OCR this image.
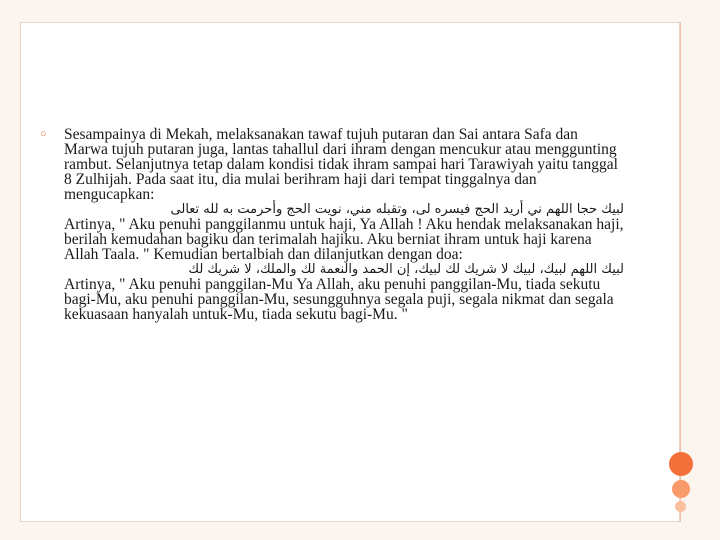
○ Sesampainya di Mekah, melaksanakan tawaf tujuh putaran dan Sai antara Safa dan Marwa tujuh putaran juga, lantas tahallul dari ihram dengan mencukur atau menggunting rambut. Selanjutnya tetap dalam kondisi tidak ihram sampai hari Tarawiyah yaitu tanggal 8 Zulhijah. Pada saat itu, dia mulai berihram haji dari tempat tinggalnya dan mengucapkan:

لبيك حجا اللهم ني أريد الحج فيسره لى، وتقبله مني، نويت الحج وأحرمت به لله تعالى

Artinya, " Aku penuhi panggilanmu untuk haji, Ya Allah ! Aku hendak melaksanakan haji, berilah kemudahan bagiku dan terimalah hajiku. Aku berniat ihram untuk haji karena Allah Taala. " Kemudian bertalbiah dan dilanjutkan dengan doa:

لبيك اللهم لبيك، لبيك لا شريك لك لبيك، إن الحمد والنعمة لك والملك، لا شريك لك

Artinya, " Aku penuhi panggilan-Mu Ya Allah, aku penuhi panggilan-Mu, tiada sekutu bagi-Mu, aku penuhi panggilan-Mu, sesungguhnya segala puji, segala nikmat dan segala kekuasaan hanyalah untuk-Mu, tiada sekutu bagi-Mu. "
